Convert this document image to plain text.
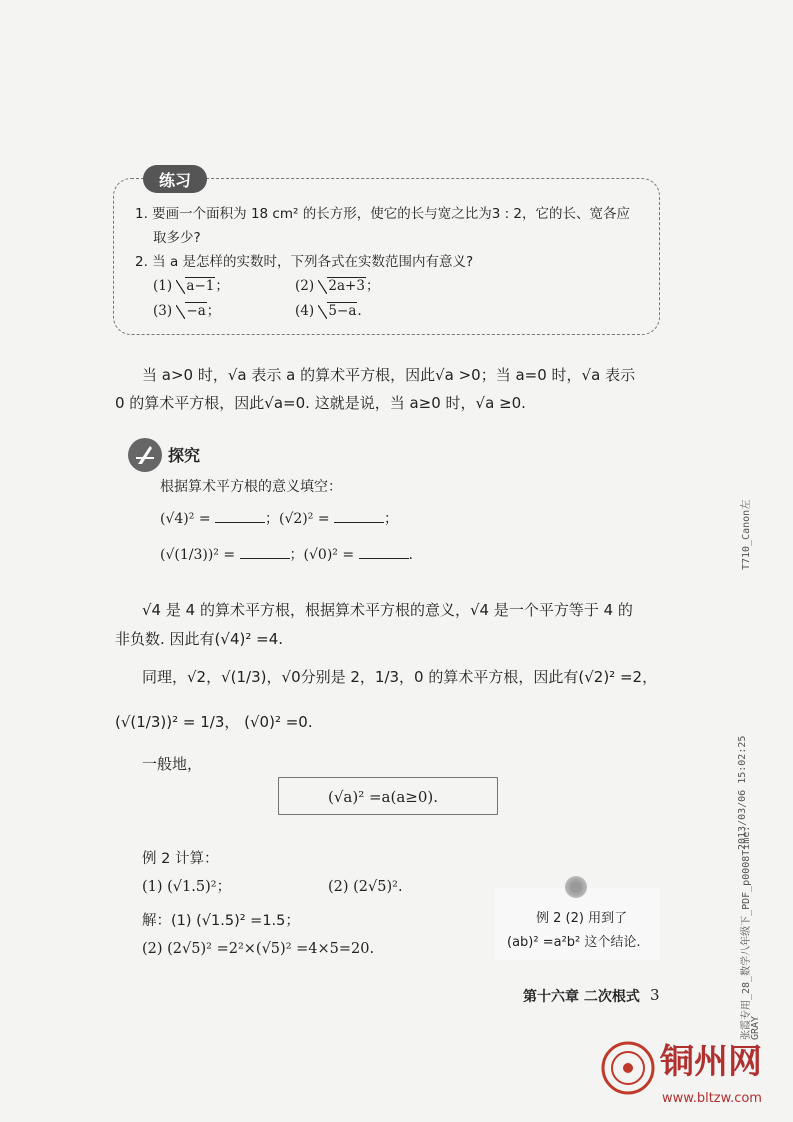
练习
1. 要画一个面积为 18 cm² 的长方形，使它的长与宽之比为3 : 2，它的长、宽各应
取多少?
2. 当 a 是怎样的实数时，下列各式在实数范围内有意义?
(1) a−1；	(2) 2a+3；
(3) −a；	(4) 5−a.
当 a>0 时，√a 表示 a 的算术平方根，因此√a >0；当 a=0 时，√a 表示
0 的算术平方根，因此√a=0. 这就是说，当 a≥0 时，√a ≥0.
探究
根据算术平方根的意义填空：
(√4)² =	；(√2)² =	；
(√(1/3))² =	；(√0)² =	.
√4 是 4 的算术平方根，根据算术平方根的意义，√4 是一个平方等于 4 的
非负数. 因此有(√4)² =4.
同理，√2，√(1/3)，√0分别是 2，1/3，0 的算术平方根，因此有(√2)² =2，
(√(1/3))² = 1/3， (√0)² =0.
一般地，
(√a)² =a(a≥0).
例 2 计算：
(1) (√1.5)²；	(2) (2√5)².
解：(1) (√1.5)² =1.5；
(2) (2√5)² =2²×(√5)² =4×5=20.
例 2 (2) 用到了
(ab)² =a²b² 这个结论.
第十六章 二次根式 3
T710_Canon左
2013/03/06 15:02:25
张霞专用_28_数学八年级下_PDF_p0008Time:
GRAY
铜州网
www.bltzw.com
